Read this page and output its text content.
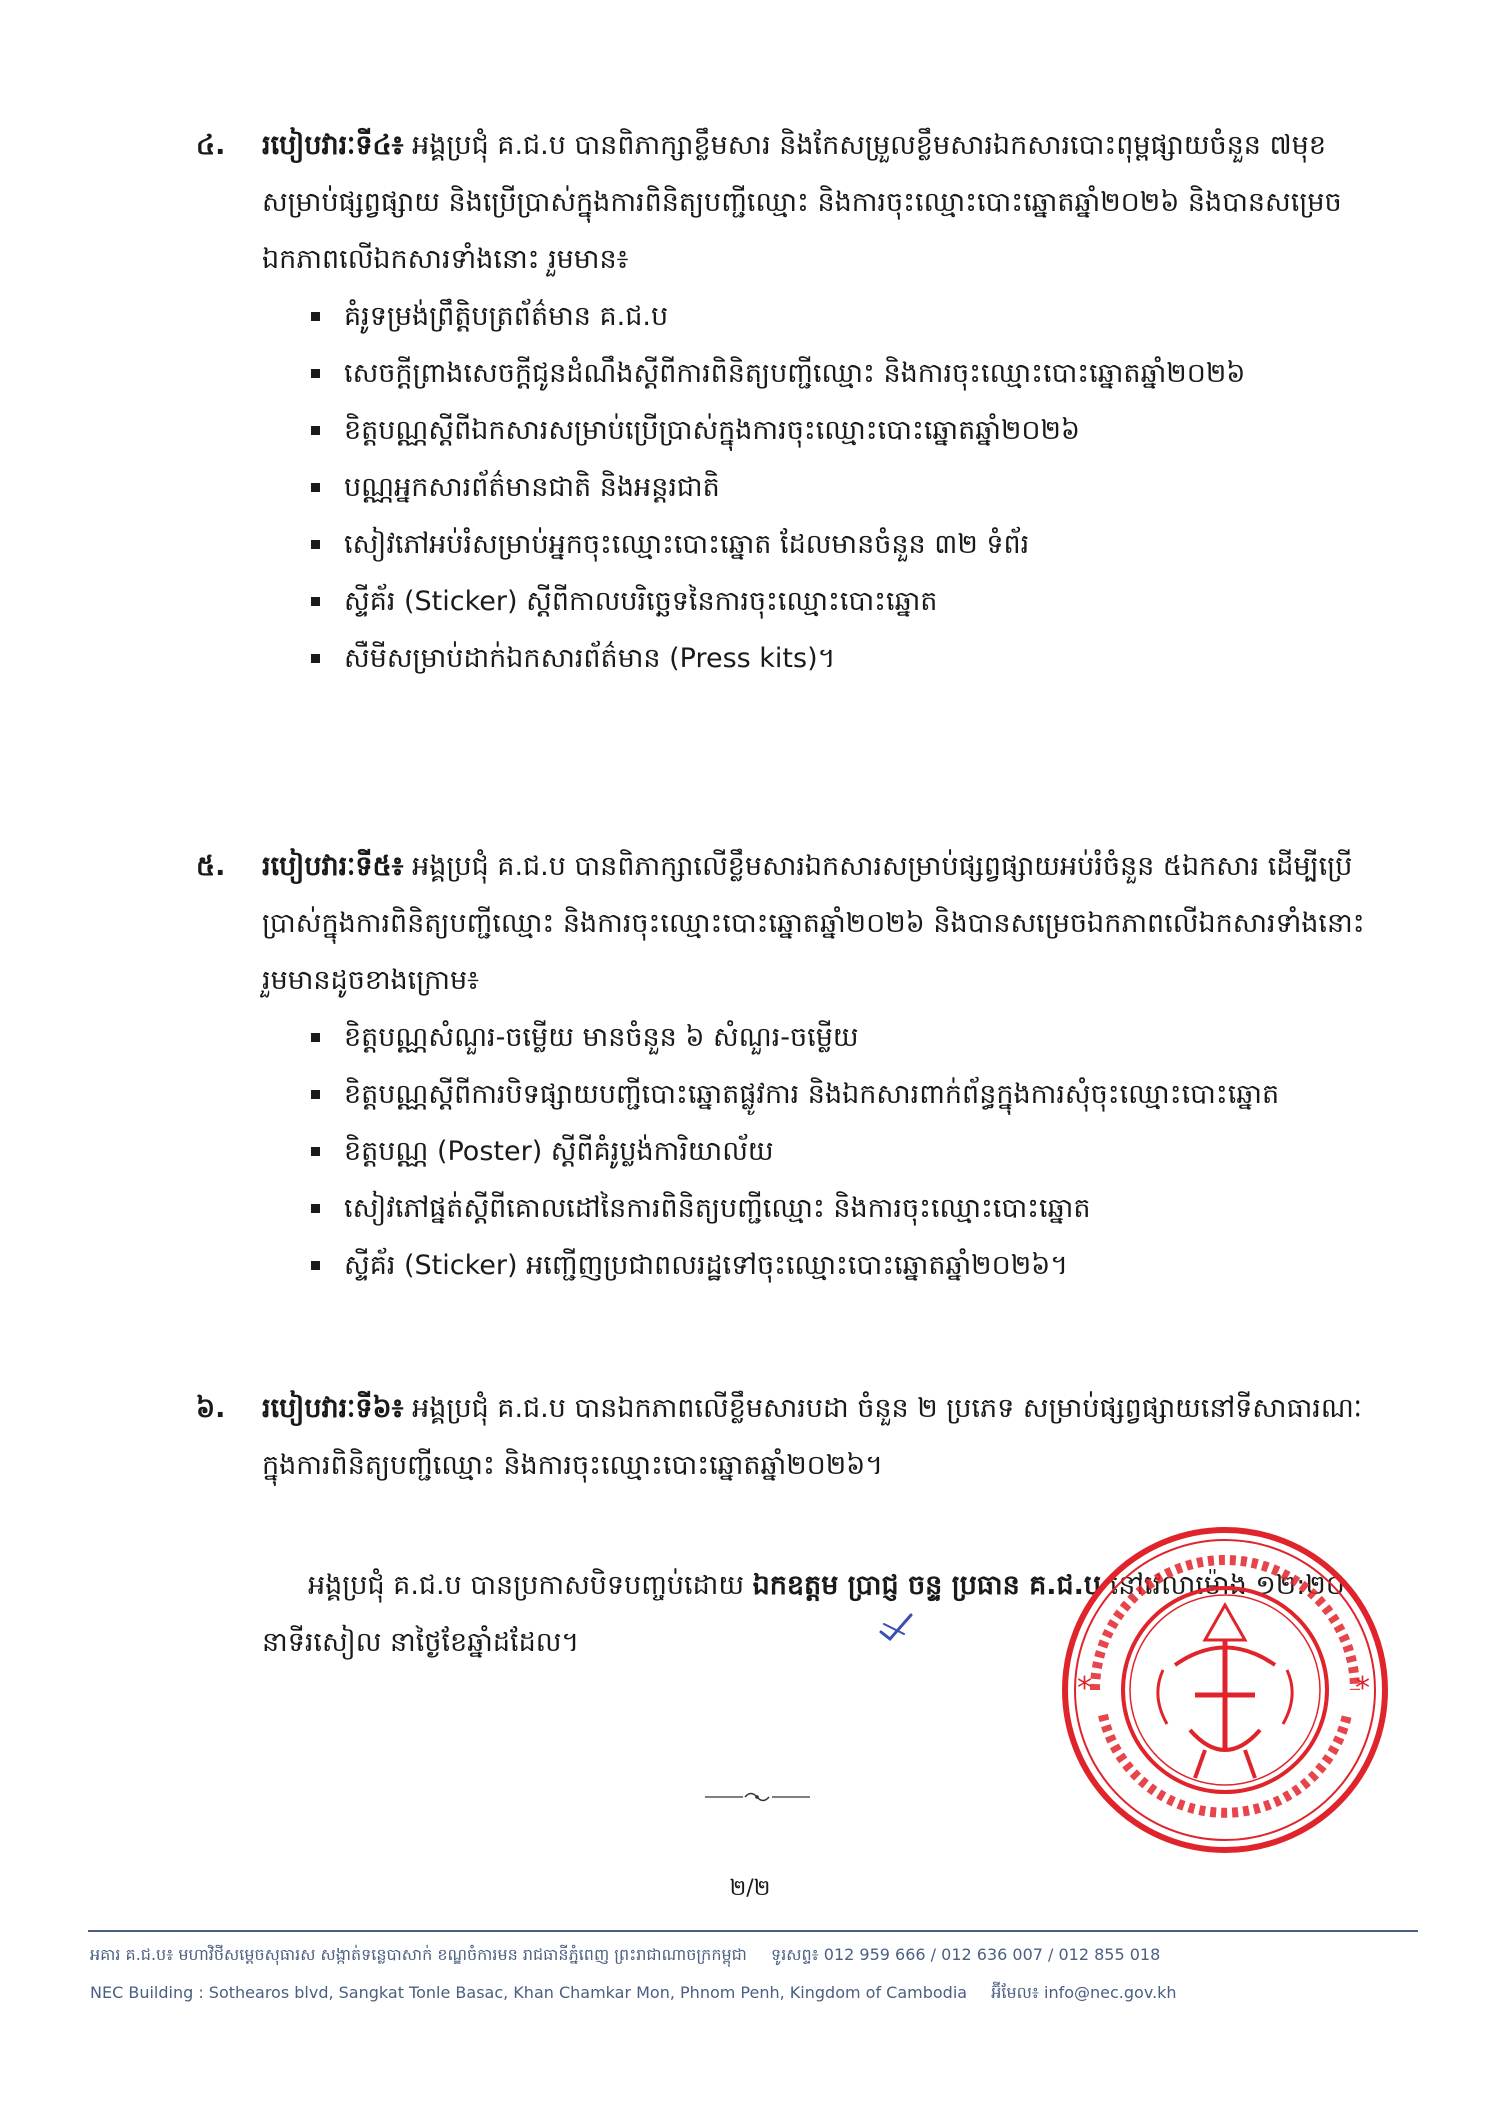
៤. របៀបវារៈទី៤៖ អង្គប្រជុំ គ.ជ.ប បានពិភាក្សាខ្លឹមសារ និងកែសម្រួលខ្លឹមសារឯកសារបោះពុម្ពផ្សាយចំនួន ៧មុខ សម្រាប់ផ្សព្វផ្សាយ និងប្រើប្រាស់ក្នុងការពិនិត្យបញ្ជីឈ្មោះ និងការចុះឈ្មោះបោះឆ្នោតឆ្នាំ២០២៦ និងបានសម្រេចឯកភាពលើឯកសារទាំងនោះ រួមមាន៖
គំរូទម្រង់ព្រឹត្តិបត្រព័ត៌មាន គ.ជ.ប
សេចក្តីព្រាងសេចក្តីជូនដំណឹងស្តីពីការពិនិត្យបញ្ជីឈ្មោះ និងការចុះឈ្មោះបោះឆ្នោតឆ្នាំ២០២៦
ខិត្តបណ្ណស្តីពីឯកសារសម្រាប់ប្រើប្រាស់ក្នុងការចុះឈ្មោះបោះឆ្នោតឆ្នាំ២០២៦
បណ្ណអ្នកសារព័ត៌មានជាតិ និងអន្តរជាតិ
សៀវភៅអប់រំសម្រាប់អ្នកចុះឈ្មោះបោះឆ្នោត ដែលមានចំនួន ៣២ ទំព័រ
ស្ទីគ័រ (Sticker) ស្តីពីកាលបរិច្ឆេទនៃការចុះឈ្មោះបោះឆ្នោត
សឺមីសម្រាប់ដាក់ឯកសារព័ត៌មាន (Press kits)។
៥. របៀបវារៈទី៥៖ អង្គប្រជុំ គ.ជ.ប បានពិភាក្សាលើខ្លឹមសារឯកសារសម្រាប់ផ្សព្វផ្សាយអប់រំចំនួន ៥ឯកសារ ដើម្បីប្រើប្រាស់ក្នុងការពិនិត្យបញ្ជីឈ្មោះ និងការចុះឈ្មោះបោះឆ្នោតឆ្នាំ២០២៦ និងបានសម្រេចឯកភាពលើឯកសារទាំងនោះ រួមមានដូចខាងក្រោម៖
ខិត្តបណ្ណសំណួរ-ចម្លើយ មានចំនួន ៦ សំណួរ-ចម្លើយ
ខិត្តបណ្ណស្តីពីការបិទផ្សាយបញ្ជីបោះឆ្នោតផ្លូវការ និងឯកសារពាក់ព័ន្ធក្នុងការសុំចុះឈ្មោះបោះឆ្នោត
ខិត្តបណ្ណ (Poster) ស្តីពីគំរូប្លង់ការិយាល័យ
សៀវភៅផ្នត់ស្តីពីគោលដៅនៃការពិនិត្យបញ្ជីឈ្មោះ និងការចុះឈ្មោះបោះឆ្នោត
ស្ទីគ័រ (Sticker) អញ្ជើញប្រជាពលរដ្ឋទៅចុះឈ្មោះបោះឆ្នោតឆ្នាំ២០២៦។
៦. របៀបវារៈទី៦៖ អង្គប្រជុំ គ.ជ.ប បានឯកភាពលើខ្លឹមសារបដា ចំនួន ២ ប្រភេទ សម្រាប់ផ្សព្វផ្សាយនៅទីសាធារណៈក្នុងការពិនិត្យបញ្ជីឈ្មោះ និងការចុះឈ្មោះបោះឆ្នោតឆ្នាំ២០២៦។
អង្គប្រជុំ គ.ជ.ប បានប្រកាសបិទបញ្ចប់ដោយ ឯកឧត្តម ប្រាជ្ញ ចន្ទ ប្រធាន គ.ជ.ប នៅវេលាម៉ោង ១២:២០ នាទីរសៀល នាថ្ងៃខែឆ្នាំដដែល។
*	*
២/២
អគារ គ.ជ.ប៖ មហាវិថីសម្តេចសុធារស សង្កាត់ទន្លេបាសាក់ ខណ្ឌចំការមន រាជធានីភ្នំពេញ ព្រះរាជាណាចក្រកម្ពុជា ទូរសព្ទ៖ 012 959 666 / 012 636 007 / 012 855 018
NEC Building : Sothearos blvd, Sangkat Tonle Basac, Khan Chamkar Mon, Phnom Penh, Kingdom of Cambodia អ៊ីមែល៖ info@nec.gov.kh
